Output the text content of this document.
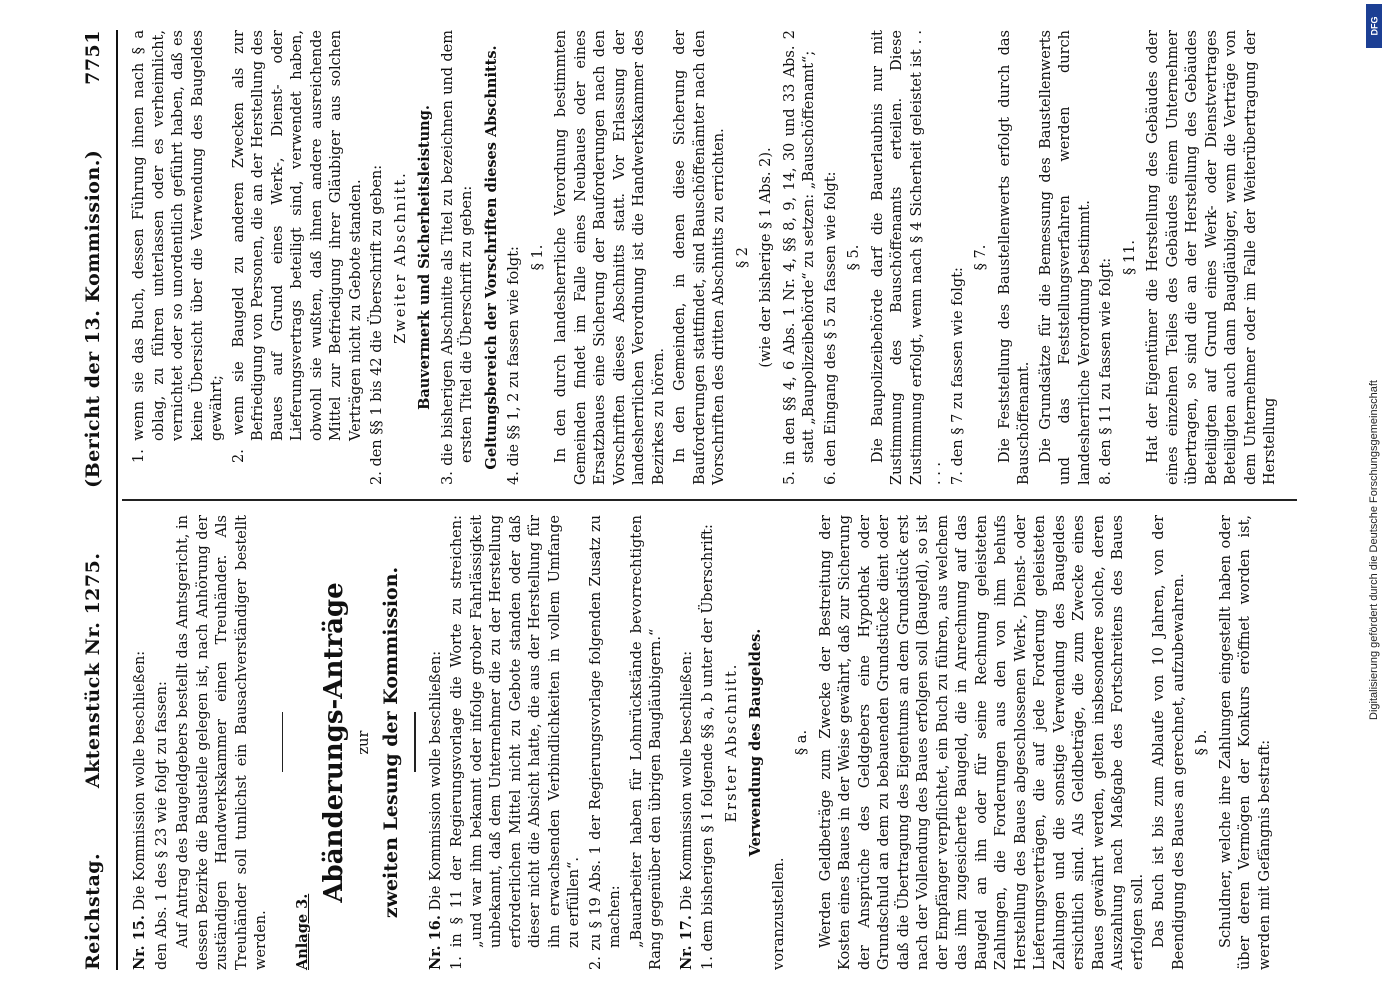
Reichstag.
Aktenstück Nr. 1275.
(Bericht der 13. Kommission.)
7751

Nr. 15. Die Kommission wolle beschließen: den Abs. 1 des § 23 wie folgt zu fassen: Auf Antrag des Baugeldgebers bestellt das Amtsgericht, in dessen Bezirke die Baustelle gelegen ist, nach Anhörung der zuständigen Handwerkskammer einen Treuhänder. Als Treuhänder soll tunlichst ein Bausachverständiger bestellt werden. Anlage 3.

Abänderungs-Anträge zur zweiten Lesung der Kommission.

Nr. 16. Die Kommission wolle beschließen: 1. in § 11 der Regierungsvorlage die Worte zu streichen: „und war ihm bekannt oder infolge grober Fahrlässigkeit unbekannt, daß dem Unternehmer die zu der Herstellung erforderlichen Mittel nicht zu Gebote standen oder daß dieser nicht die Absicht hatte, die aus der Herstellung für ihn erwachsenden Verbindlichkeiten in vollem Umfange zu erfüllen“. 2. zu § 19 Abs. 1 der Regierungsvorlage folgenden Zusatz zu machen: „Bauarbeiter haben für Lohnrückstände bevorrechtigten Rang gegenüber den übrigen Baugläubigern.“ Nr. 17. Die Kommission wolle beschließen: 1. dem bisherigen § 1 folgende §§ a, b unter der Überschrift: Erster Abschnitt. Verwendung des Baugeldes.

voranzustellen.

§ a. Werden Geldbeträge zum Zwecke der Bestreitung der Kosten eines Baues in der Weise gewährt, daß zur Sicherung der Ansprüche des Geldgebers eine Hypothek oder Grundschuld an dem zu bebauenden Grundstücke dient oder daß die Übertragung des Eigentums an dem Grundstück erst nach der Vollendung des Baues erfolgen soll (Baugeld), so ist der Empfänger verpflichtet, ein Buch zu führen, aus welchem das ihm zugesicherte Baugeld, die in Anrechnung auf das Baugeld an ihn oder für seine Rechnung geleisteten Zahlungen, die Forderungen aus den von ihm behufs Herstellung des Baues abgeschlossenen Werk-, Dienst- oder Lieferungsverträgen, die auf jede Forderung geleisteten Zahlungen und die sonstige Verwendung des Baugeldes ersichtlich sind. Als Geldbeträge, die zum Zwecke eines Baues gewährt werden, gelten insbesondere solche, deren Auszahlung nach Maßgabe des Fortschreitens des Baues erfolgen soll. Das Buch ist bis zum Ablaufe von 10 Jahren, von der Beendigung des Baues an gerechnet, aufzubewahren. § b. Schuldner, welche ihre Zahlungen eingestellt haben oder über deren Vermögen der Konkurs eröffnet worden ist, werden mit Gefängnis bestraft:

1. wenn sie das Buch, dessen Führung ihnen nach § a oblag, zu führen unterlassen oder es verheimlicht, vernichtet oder so unordentlich geführt haben, daß es keine Übersicht über die Verwendung des Baugeldes gewährt; 2. wenn sie Baugeld zu anderen Zwecken als zur Befriedigung von Personen, die an der Herstellung des Baues auf Grund eines Werk-, Dienst- oder Lieferungsvertrags beteiligt sind, verwendet haben, obwohl sie wußten, daß ihnen andere ausreichende Mittel zur Befriedigung ihrer Gläubiger aus solchen Verträgen nicht zu Gebote standen. 2. den §§ 1 bis 42 die Überschrift zu geben: Zweiter Abschnitt. Bauvermerk und Sicherheitsleistung. 3. die bisherigen Abschnitte als Titel zu bezeichnen und dem ersten Titel die Überschrift zu geben: Geltungsbereich der Vorschriften dieses Abschnitts. 4. die §§ 1, 2 zu fassen wie folgt: § 1. In den durch landesherrliche Verordnung bestimmten Gemeinden findet im Falle eines Neubaues oder eines Ersatzbaues eine Sicherung der Bauforderungen nach den Vorschriften dieses Abschnitts statt. Vor Erlassung der landesherrlichen Verordnung ist die Handwerkskammer des Bezirkes zu hören. In den Gemeinden, in denen diese Sicherung der Bauforderungen stattfindet, sind Bauschöffenämter nach den Vorschriften des dritten Abschnitts zu errichten. § 2 (wie der bisherige § 1 Abs. 2). 5. in den §§ 4, 6 Abs. 1 Nr. 4, §§ 8, 9, 14, 30 und 33 Abs. 2 statt „Baupolizeibehörde“ zu setzen: „Bauschöffenamt“; 6. den Eingang des § 5 zu fassen wie folgt: § 5. Die Baupolizeibehörde darf die Bauerlaubnis nur mit Zustimmung des Bauschöffenamts erteilen. Diese Zustimmung erfolgt, wenn nach § 4 Sicherheit geleistet ist . . . . . 7. den § 7 zu fassen wie folgt:

§ 7. Die Feststellung des Baustellenwerts erfolgt durch das Bauschöffenamt. Die Grundsätze für die Bemessung des Baustellenwerts und das Feststellungsverfahren werden durch landesherrliche Verordnung bestimmt. 8. den § 11 zu fassen wie folgt:

§ 11. Hat der Eigentümer die Herstellung des Gebäudes oder eines einzelnen Teiles des Gebäudes einem Unternehmer übertragen, so sind die an der Herstellung des Gebäudes Beteiligten auf Grund eines Werk- oder Dienstvertrages Beteiligten auch dann Baugläubiger, wenn die Verträge von dem Unternehmer oder im Falle der Weiterübertragung der Herstellung

DFG
Digitalisierung gefördert durch die Deutsche Forschungsgemeinschaft
